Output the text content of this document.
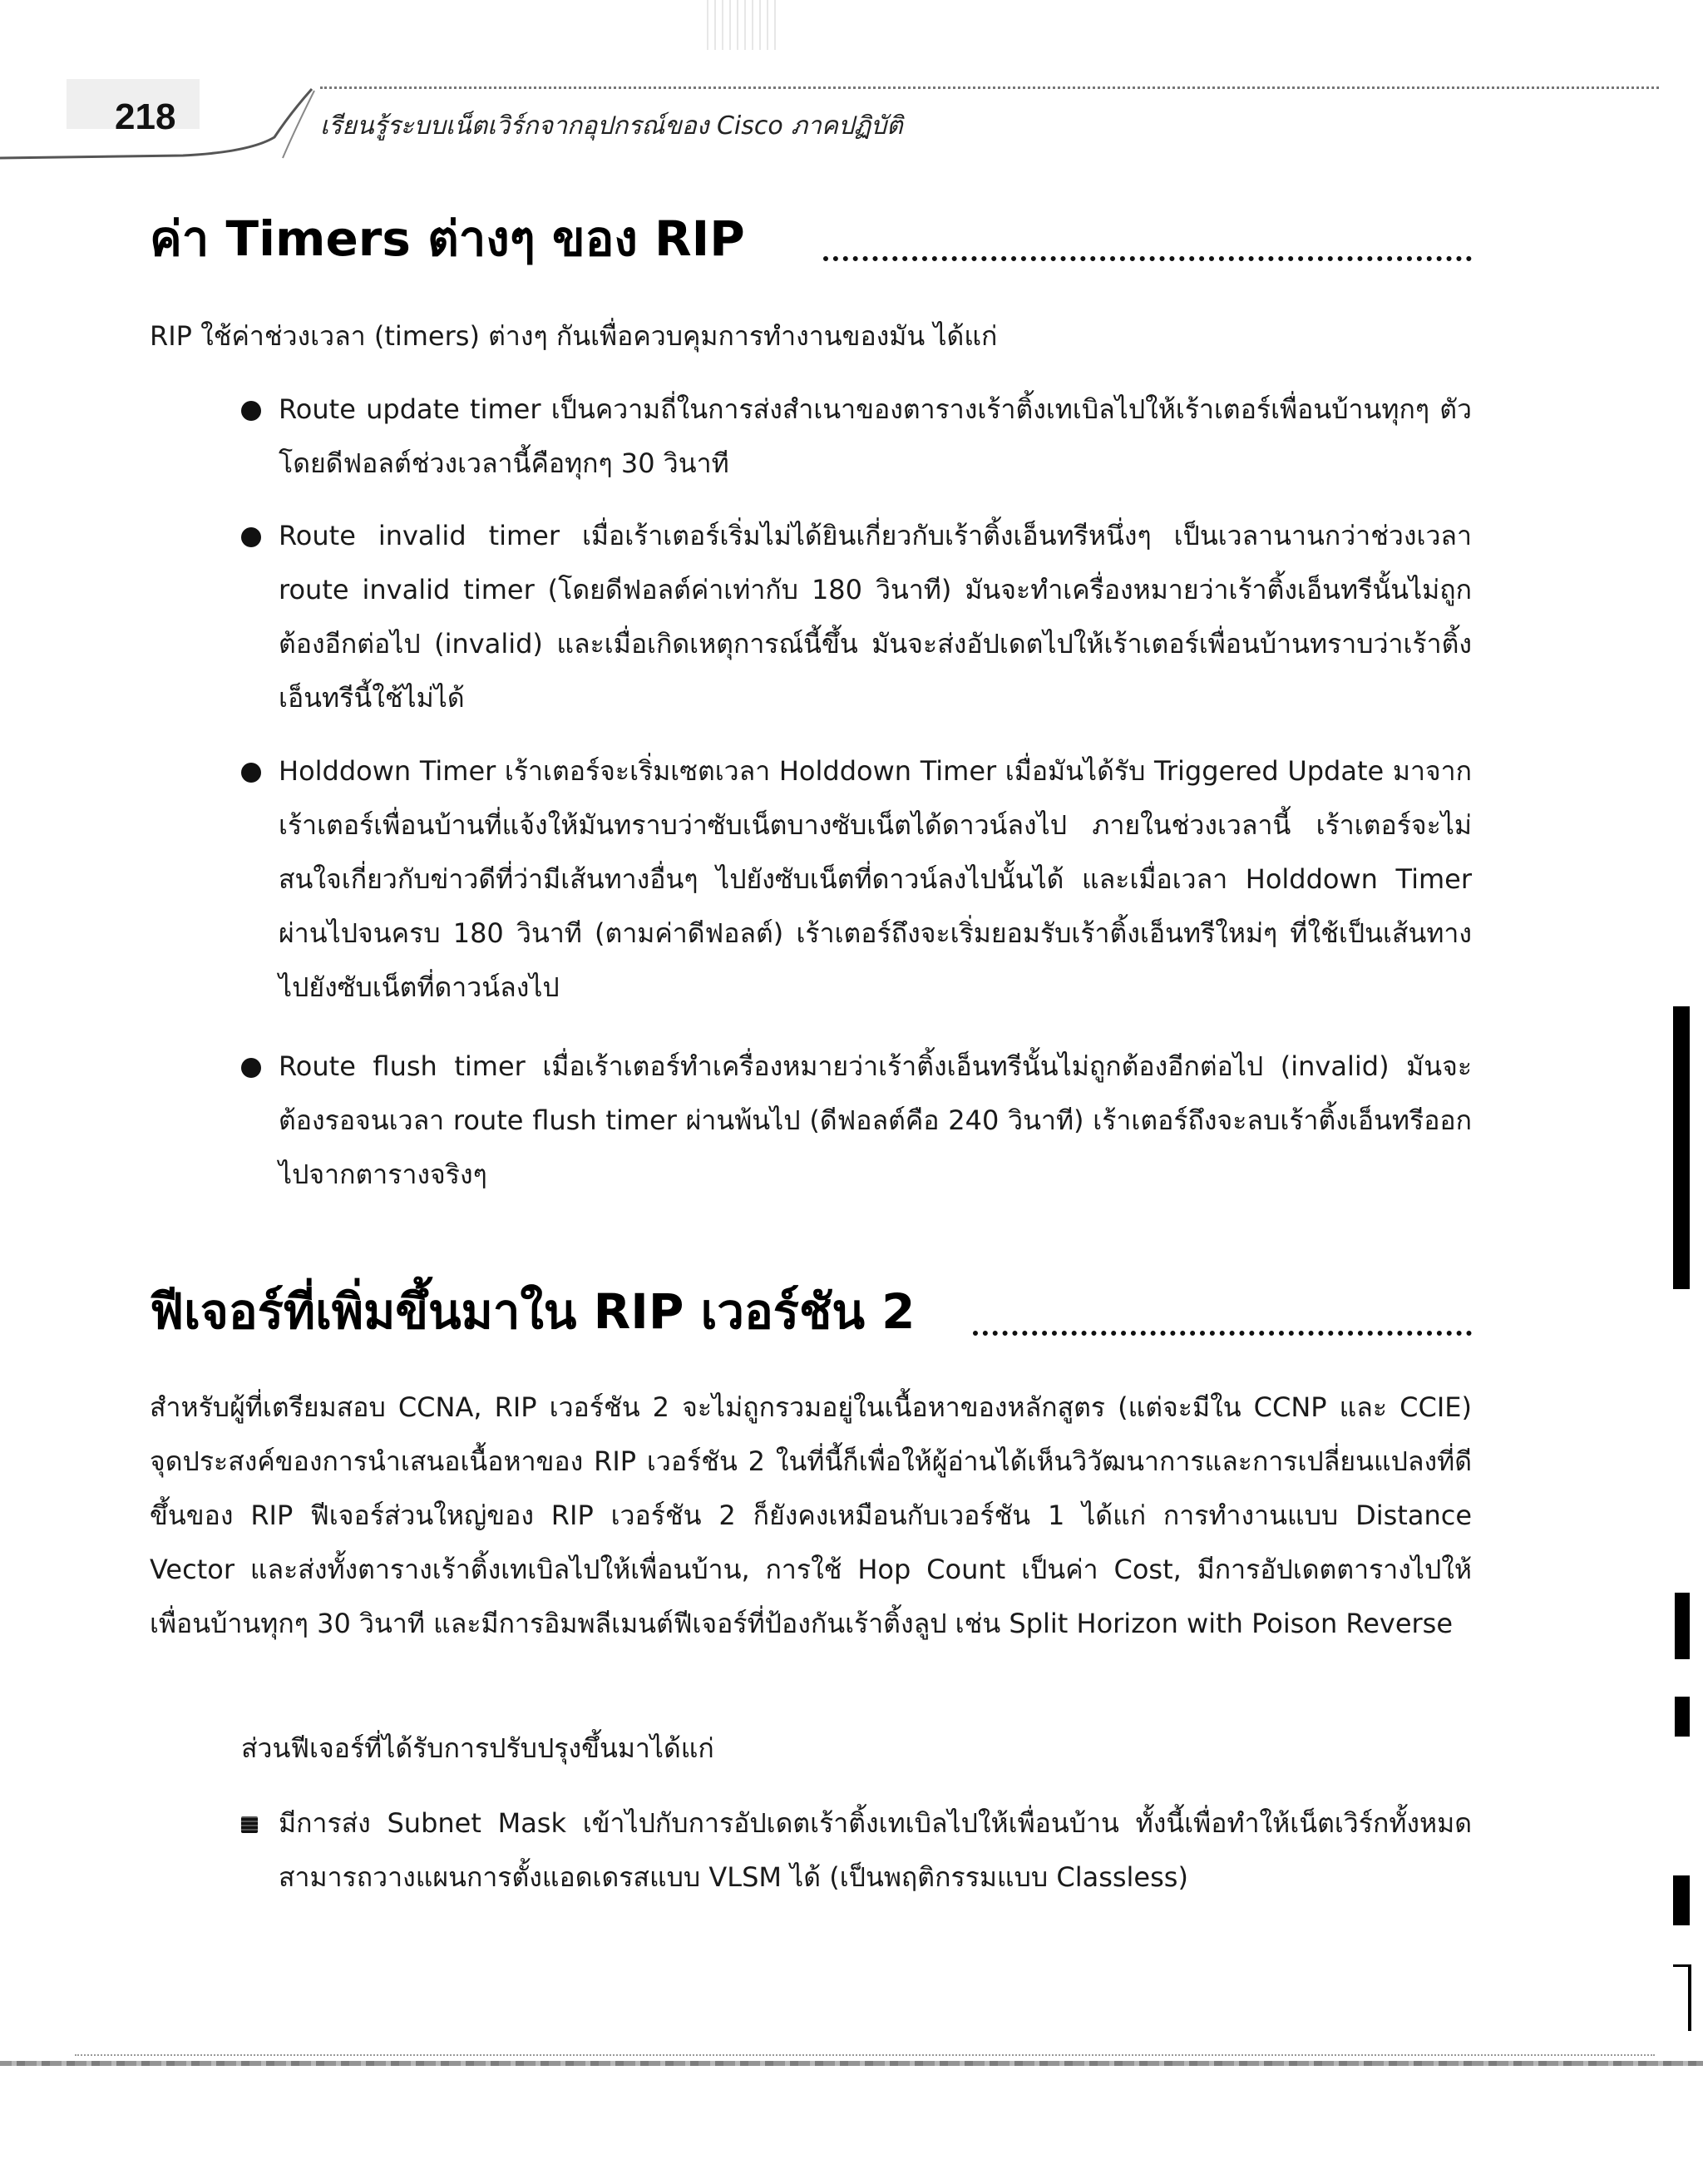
218	เรียนรู้ระบบเน็ตเวิร์กจากอุปกรณ์ของ Cisco ภาคปฏิบัติ
ค่า Timers ต่างๆ ของ RIP

RIP ใช้ค่าช่วงเวลา (timers) ต่างๆ กันเพื่อควบคุมการทำงานของมัน ได้แก่

Route update timer เป็นความถี่ในการส่งสำเนาของตารางเร้าติ้งเทเบิลไปให้เร้าเตอร์เพื่อนบ้านทุกๆ ตัว โดยดีฟอลต์ช่วงเวลานี้คือทุกๆ 30 วินาที

Route invalid timer เมื่อเร้าเตอร์เริ่มไม่ได้ยินเกี่ยวกับเร้าติ้งเอ็นทรีหนึ่งๆ เป็นเวลานานกว่าช่วงเวลา route invalid timer (โดยดีฟอลต์ค่าเท่ากับ 180 วินาที) มันจะทำเครื่องหมายว่าเร้าติ้งเอ็นทรีนั้นไม่ถูกต้องอีกต่อไป (invalid) และเมื่อเกิดเหตุการณ์นี้ขึ้น มันจะส่งอัปเดตไปให้เร้าเตอร์เพื่อนบ้านทราบว่าเร้าติ้งเอ็นทรีนี้ใช้ไม่ได้

Holddown Timer เร้าเตอร์จะเริ่มเซตเวลา Holddown Timer เมื่อมันได้รับ Triggered Update มาจากเร้าเตอร์เพื่อนบ้านที่แจ้งให้มันทราบว่าซับเน็ตบางซับเน็ตได้ดาวน์ลงไป ภายในช่วงเวลานี้ เร้าเตอร์จะไม่สนใจเกี่ยวกับข่าวดีที่ว่ามีเส้นทางอื่นๆ ไปยังซับเน็ตที่ดาวน์ลงไปนั้นได้ และเมื่อเวลา Holddown Timer ผ่านไปจนครบ 180 วินาที (ตามค่าดีฟอลต์) เร้าเตอร์ถึงจะเริ่มยอมรับเร้าติ้งเอ็นทรีใหม่ๆ ที่ใช้เป็นเส้นทางไปยังซับเน็ตที่ดาวน์ลงไป

Route flush timer เมื่อเร้าเตอร์ทำเครื่องหมายว่าเร้าติ้งเอ็นทรีนั้นไม่ถูกต้องอีกต่อไป (invalid) มันจะต้องรอจนเวลา route flush timer ผ่านพ้นไป (ดีฟอลต์คือ 240 วินาที) เร้าเตอร์ถึงจะลบเร้าติ้งเอ็นทรีออกไปจากตารางจริงๆ

ฟีเจอร์ที่เพิ่มขึ้นมาใน RIP เวอร์ชัน 2

สำหรับผู้ที่เตรียมสอบ CCNA, RIP เวอร์ชัน 2 จะไม่ถูกรวมอยู่ในเนื้อหาของหลักสูตร (แต่จะมีใน CCNP และ CCIE) จุดประสงค์ของการนำเสนอเนื้อหาของ RIP เวอร์ชัน 2 ในที่นี้ก็เพื่อให้ผู้อ่านได้เห็นวิวัฒนาการและการเปลี่ยนแปลงที่ดีขึ้นของ RIP ฟีเจอร์ส่วนใหญ่ของ RIP เวอร์ชัน 2 ก็ยังคงเหมือนกับเวอร์ชัน 1 ได้แก่ การทำงานแบบ Distance Vector และส่งทั้งตารางเร้าติ้งเทเบิลไปให้เพื่อนบ้าน, การใช้ Hop Count เป็นค่า Cost, มีการอัปเดตตารางไปให้เพื่อนบ้านทุกๆ 30 วินาที และมีการอิมพลีเมนต์ฟีเจอร์ที่ป้องกันเร้าติ้งลูป เช่น Split Horizon with Poison Reverse

ส่วนฟีเจอร์ที่ได้รับการปรับปรุงขึ้นมาได้แก่

มีการส่ง Subnet Mask เข้าไปกับการอัปเดตเร้าติ้งเทเบิลไปให้เพื่อนบ้าน ทั้งนี้เพื่อทำให้เน็ตเวิร์กทั้งหมดสามารถวางแผนการตั้งแอดเดรสแบบ VLSM ได้ (เป็นพฤติกรรมแบบ Classless)
